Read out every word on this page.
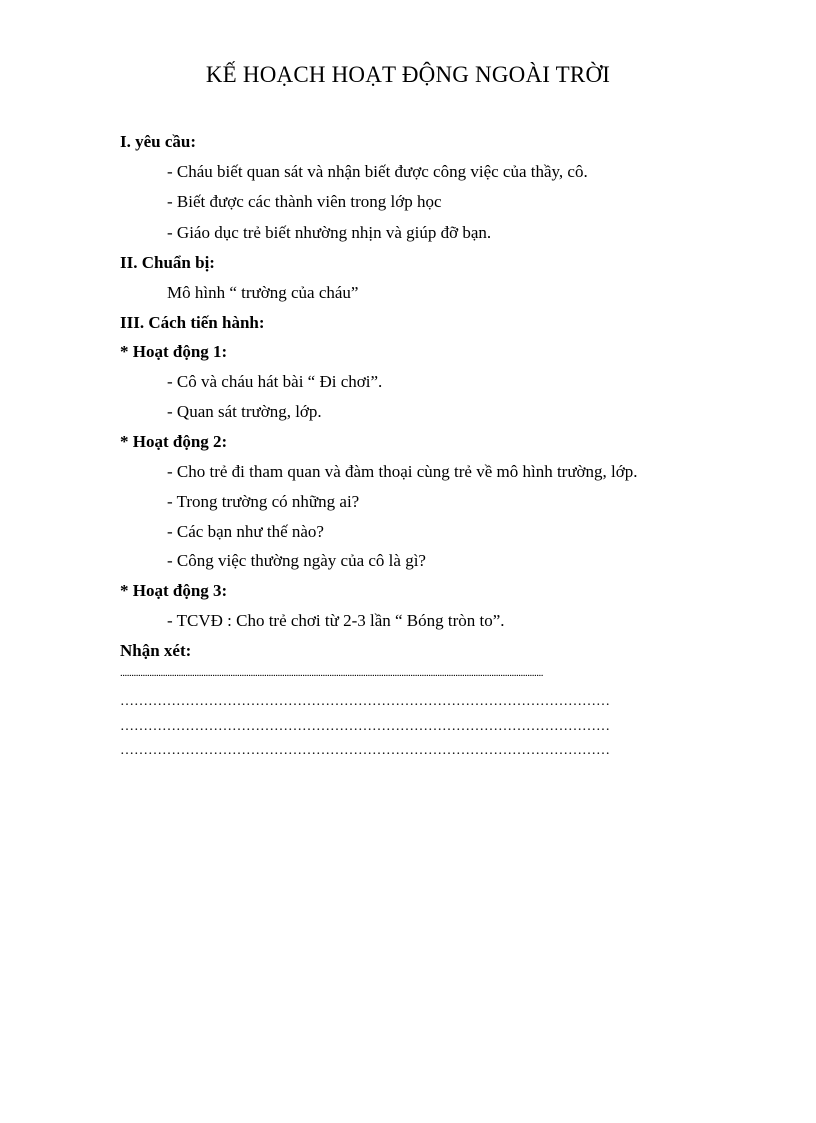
KẾ HOẠCH HOẠT ĐỘNG NGOÀI TRỜI
I. yêu cầu:
- Cháu biết quan sát và nhận biết được công việc của thầy, cô.
- Biết được các thành viên trong lớp học
- Giáo dục trẻ biết nhường nhịn và giúp đỡ bạn.
II. Chuẩn bị:
Mô hình “ trường của cháu”
III. Cách tiến hành:
* Hoạt động 1:
- Cô và cháu hát bài “ Đi chơi”.
- Quan sát trường, lớp.
* Hoạt động 2:
- Cho trẻ đi tham quan và đàm thoại cùng trẻ về mô hình trường, lớp.
- Trong trường có những ai?
- Các bạn như thế nào?
- Công việc thường ngày của cô là gì?
* Hoạt động 3:
- TCVĐ : Cho trẻ chơi từ 2-3 lần “ Bóng tròn to”.
Nhận xét:
............................................................................................................................................................................................
……………………………………………………………………………………………
……………………………………………………………………………………………
……………………………………………………………………………………………
